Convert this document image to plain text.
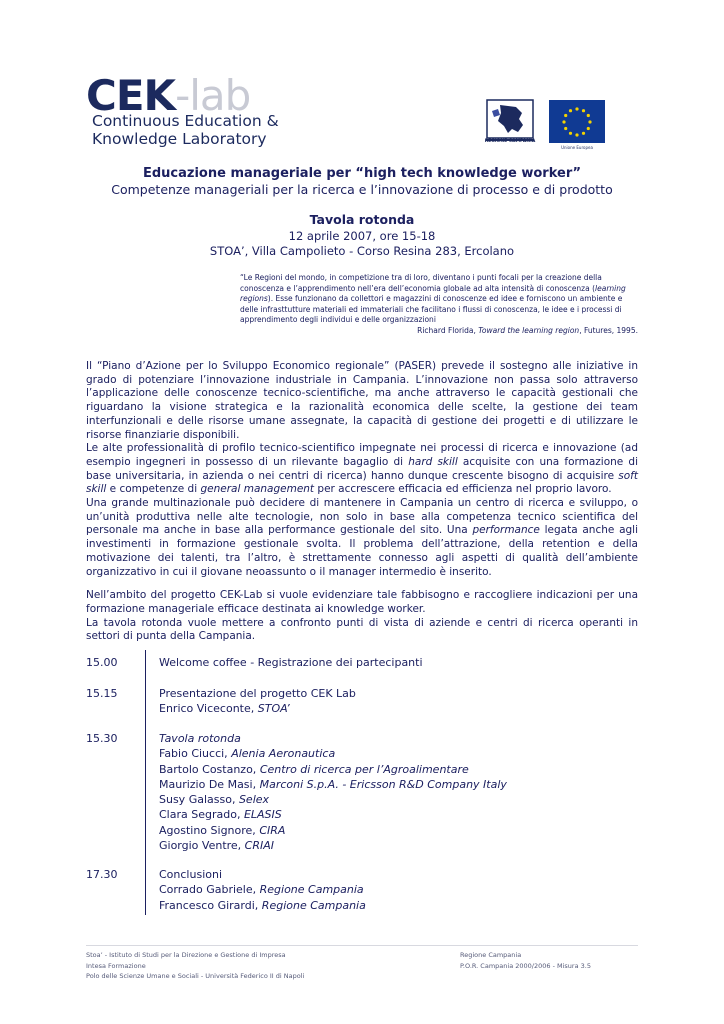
CEK-lab
Continuous Education &
Knowledge Laboratory	REGIONE CAMPANIA
Unione Europea
Educazione manageriale per “high tech knowledge worker”
Competenze manageriali per la ricerca e l’innovazione di processo e di prodotto
Tavola rotonda
12 aprile 2007, ore 15-18
STOA’, Villa Campolieto - Corso Resina 283, Ercolano
“Le Regioni del mondo, in competizione tra di loro, diventano i punti focali per la creazione della conoscenza e l’apprendimento nell’era dell’economia globale ad alta intensità di conoscenza (learning regions). Esse funzionano da collettori e magazzini di conoscenze ed idee e forniscono un ambiente e delle infrasttutture materiali ed immateriali che facilitano i flussi di conoscenza, le idee e i processi di apprendimento degli individui e delle organizzazioni
Richard Florida, Toward the learning region, Futures, 1995.

Il “Piano d’Azione per lo Sviluppo Economico regionale” (PASER) prevede il sostegno alle iniziative in grado di potenziare l’innovazione industriale in Campania. L’innovazione non passa solo attraverso l’applicazione delle conoscenze tecnico-scientifiche, ma anche attraverso le capacità gestionali che riguardano la visione strategica e la razionalità economica delle scelte, la gestione dei team interfunzionali e delle risorse umane assegnate, la capacità di gestione dei progetti e di utilizzare le risorse finanziarie disponibili.

Le alte professionalità di profilo tecnico-scientifico impegnate nei processi di ricerca e innovazione (ad esempio ingegneri in possesso di un rilevante bagaglio di hard skill acquisite con una formazione di base universitaria, in azienda o nei centri di ricerca) hanno dunque crescente bisogno di acquisire soft skill e competenze di general management per accrescere efficacia ed efficienza nel proprio lavoro.

Una grande multinazionale può decidere di mantenere in Campania un centro di ricerca e sviluppo, o un’unità produttiva nelle alte tecnologie, non solo in base alla competenza tecnico scientifica del personale ma anche in base alla performance gestionale del sito. Una performance legata anche agli investimenti in formazione gestionale svolta. Il problema dell’attrazione, della retention e della motivazione dei talenti, tra l’altro, è strettamente connesso agli aspetti di qualità dell’ambiente organizzativo in cui il giovane neoassunto o il manager intermedio è inserito.

Nell’ambito del progetto CEK-Lab si vuole evidenziare tale fabbisogno e raccogliere indicazioni per una formazione manageriale efficace destinata ai knowledge worker.

La tavola rotonda vuole mettere a confronto punti di vista di aziende e centri di ricerca operanti in settori di punta della Campania.

15.00	Welcome coffee - Registrazione dei partecipanti
15.15	Presentazione del progetto CEK Lab
Enrico Viceconte, STOA’
15.30	Tavola rotonda
Fabio Ciucci, Alenia Aeronautica
Bartolo Costanzo, Centro di ricerca per l’Agroalimentare
Maurizio De Masi, Marconi S.p.A. - Ericsson R&D Company Italy
Susy Galasso, Selex
Clara Segrado, ELASIS
Agostino Signore, CIRA
Giorgio Ventre, CRIAI
17.30	Conclusioni
Corrado Gabriele, Regione Campania
Francesco Girardi, Regione Campania
Stoa’ - Istituto di Studi per la Direzione e Gestione di Impresa
Intesa Formazione
Polo delle Scienze Umane e Sociali - Università Federico II di Napoli
Regione Campania
P.O.R. Campania 2000/2006 - Misura 3.5
